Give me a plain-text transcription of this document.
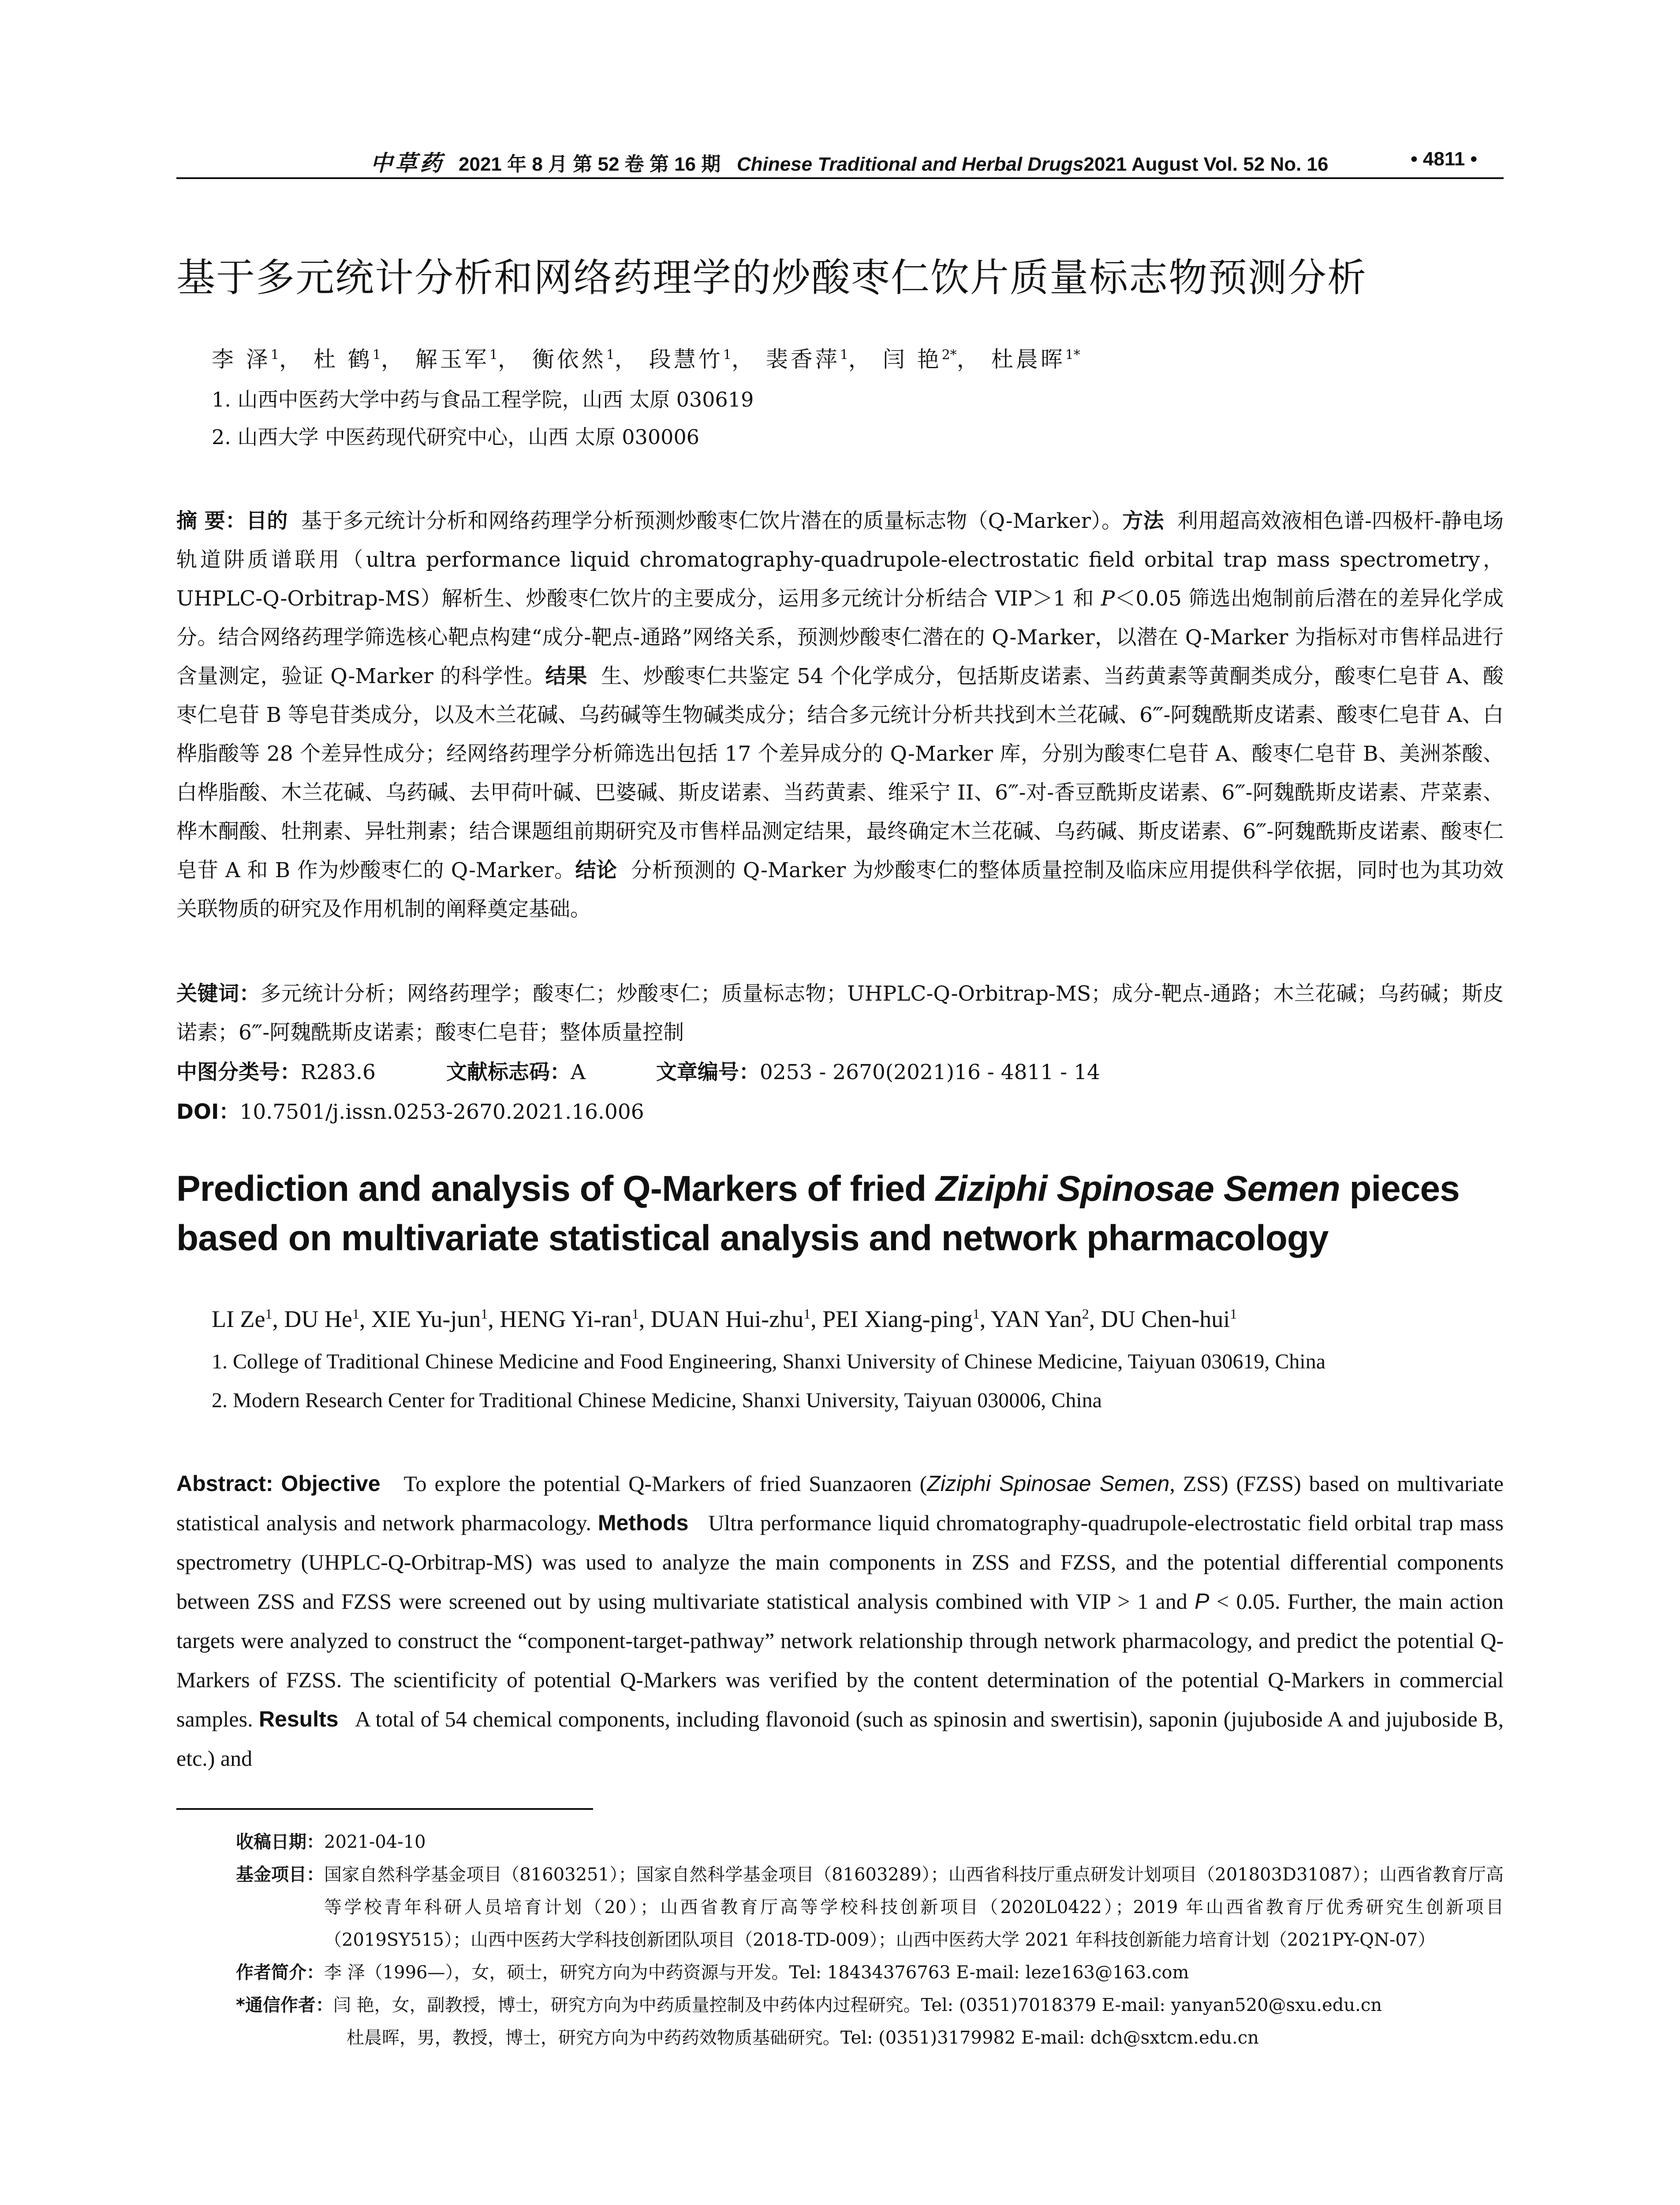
中草药 2021 年 8 月 第 52 卷 第 16 期 Chinese Traditional and Herbal Drugs2021 August Vol. 52 No. 16	• 4811 •
基于多元统计分析和网络药理学的炒酸枣仁饮片质量标志物预测分析
李 泽$^1$， 杜 鹤$^1$， 解玉军$^1$， 衡依然$^1$， 段慧竹$^1$， 裴香萍$^1$， 闫 艳$^{2*}$， 杜晨晖$^{1*}$
1. 山西中医药大学中药与食品工程学院，山西 太原 030619
2. 山西大学 中医药现代研究中心，山西 太原 030006
摘 要：目的 基于多元统计分析和网络药理学分析预测炒酸枣仁饮片潜在的质量标志物（Q-Marker）。方法 利用超高效液相色谱-四极杆-静电场轨道阱质谱联用（ultra performance liquid chromatography-quadrupole-electrostatic field orbital trap mass spectrometry，UHPLC-Q-Orbitrap-MS）解析生、炒酸枣仁饮片的主要成分，运用多元统计分析结合 VIP＞1 和 P＜0.05 筛选出炮制前后潜在的差异化学成分。结合网络药理学筛选核心靶点构建“成分-靶点-通路”网络关系，预测炒酸枣仁潜在的 Q-Marker，以潜在 Q-Marker 为指标对市售样品进行含量测定，验证 Q-Marker 的科学性。结果 生、炒酸枣仁共鉴定 54 个化学成分，包括斯皮诺素、当药黄素等黄酮类成分，酸枣仁皂苷 A、酸枣仁皂苷 B 等皂苷类成分，以及木兰花碱、乌药碱等生物碱类成分；结合多元统计分析共找到木兰花碱、6‴-阿魏酰斯皮诺素、酸枣仁皂苷 A、白桦脂酸等 28 个差异性成分；经网络药理学分析筛选出包括 17 个差异成分的 Q-Marker 库，分别为酸枣仁皂苷 A、酸枣仁皂苷 B、美洲茶酸、白桦脂酸、木兰花碱、乌药碱、去甲荷叶碱、巴婆碱、斯皮诺素、当药黄素、维采宁 II、6‴-对-香豆酰斯皮诺素、6‴-阿魏酰斯皮诺素、芹菜素、桦木酮酸、牡荆素、异牡荆素；结合课题组前期研究及市售样品测定结果，最终确定木兰花碱、乌药碱、斯皮诺素、6‴-阿魏酰斯皮诺素、酸枣仁皂苷 A 和 B 作为炒酸枣仁的 Q-Marker。结论 分析预测的 Q-Marker 为炒酸枣仁的整体质量控制及临床应用提供科学依据，同时也为其功效关联物质的研究及作用机制的阐释奠定基础。
关键词：多元统计分析；网络药理学；酸枣仁；炒酸枣仁；质量标志物；UHPLC-Q-Orbitrap-MS；成分-靶点-通路；木兰花碱；乌药碱；斯皮诺素；6‴-阿魏酰斯皮诺素；酸枣仁皂苷；整体质量控制
中图分类号：R283.6	文献标志码：A	文章编号：0253 - 2670(2021)16 - 4811 - 14
DOI：10.7501/j.issn.0253-2670.2021.16.006
Prediction and analysis of Q-Markers of fried Ziziphi Spinosae Semen pieces based on multivariate statistical analysis and network pharmacology
LI Ze$^1$, DU He$^1$, XIE Yu-jun$^1$, HENG Yi-ran$^1$, DUAN Hui-zhu$^1$, PEI Xiang-ping$^1$, YAN Yan$^2$, DU Chen-hui$^1$
1. College of Traditional Chinese Medicine and Food Engineering, Shanxi University of Chinese Medicine, Taiyuan 030619, China
2. Modern Research Center for Traditional Chinese Medicine, Shanxi University, Taiyuan 030006, China
Abstract: Objective To explore the potential Q-Markers of fried Suanzaoren (Ziziphi Spinosae Semen, ZSS) (FZSS) based on multivariate statistical analysis and network pharmacology. Methods Ultra performance liquid chromatography-quadrupole-electrostatic field orbital trap mass spectrometry (UHPLC-Q-Orbitrap-MS) was used to analyze the main components in ZSS and FZSS, and the potential differential components between ZSS and FZSS were screened out by using multivariate statistical analysis combined with VIP > 1 and P < 0.05. Further, the main action targets were analyzed to construct the “component-target-pathway” network relationship through network pharmacology, and predict the potential Q-Markers of FZSS. The scientificity of potential Q-Markers was verified by the content determination of the potential Q-Markers in commercial samples. Results A total of 54 chemical components, including flavonoid (such as spinosin and swertisin), saponin (jujuboside A and jujuboside B, etc.) and
收稿日期： 2021-04-10
基金项目： 国家自然科学基金项目（81603251）；国家自然科学基金项目（81603289）；山西省科技厅重点研发计划项目（201803D31087）；山西省教育厅高等学校青年科研人员培育计划（20）；山西省教育厅高等学校科技创新项目（2020L0422）；2019 年山西省教育厅优秀研究生创新项目（2019SY515）；山西中医药大学科技创新团队项目（2018-TD-009）；山西中医药大学 2021 年科技创新能力培育计划（2021PY-QN-07）
作者简介： 李 泽（1996—），女，硕士，研究方向为中药资源与开发。Tel: 18434376763 E-mail: leze163@163.com
*通信作者： 闫 艳，女，副教授，博士，研究方向为中药质量控制及中药体内过程研究。Tel: (0351)7018379 E-mail: yanyan520@sxu.edu.cn
杜晨晖，男，教授，博士，研究方向为中药药效物质基础研究。Tel: (0351)3179982 E-mail: dch@sxtcm.edu.cn
